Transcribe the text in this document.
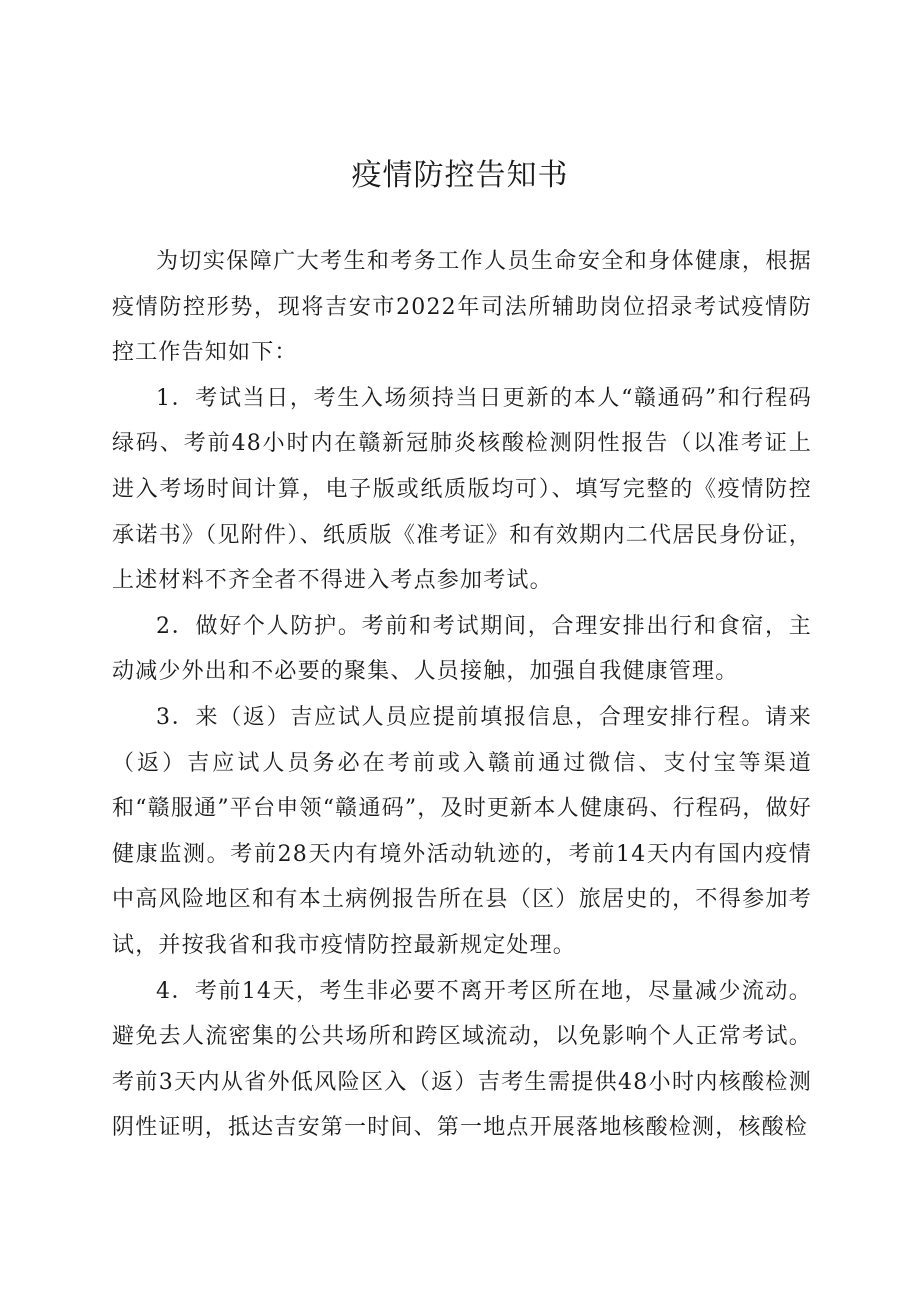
疫情防控告知书

为切实保障广大考生和考务工作人员生命安全和身体健康，根据疫情防控形势，现将吉安市2022年司法所辅助岗位招录考试疫情防控工作告知如下：

1．考试当日，考生入场须持当日更新的本人“赣通码”和行程码绿码、考前48小时内在赣新冠肺炎核酸检测阴性报告（以准考证上进入考场时间计算，电子版或纸质版均可）、填写完整的《疫情防控承诺书》（见附件）、纸质版《准考证》和有效期内二代居民身份证，上述材料不齐全者不得进入考点参加考试。

2．做好个人防护。考前和考试期间，合理安排出行和食宿，主动减少外出和不必要的聚集、人员接触，加强自我健康管理。

3．来（返）吉应试人员应提前填报信息，合理安排行程。请来（返）吉应试人员务必在考前或入赣前通过微信、支付宝等渠道和“赣服通”平台申领“赣通码”，及时更新本人健康码、行程码，做好健康监测。考前28天内有境外活动轨迹的，考前14天内有国内疫情中高风险地区和有本土病例报告所在县（区）旅居史的，不得参加考试，并按我省和我市疫情防控最新规定处理。

4．考前14天，考生非必要不离开考区所在地，尽量减少流动。避免去人流密集的公共场所和跨区域流动，以免影响个人正常考试。考前3天内从省外低风险区入（返）吉考生需提供48小时内核酸检测阴性证明，抵达吉安第一时间、第一地点开展落地核酸检测，核酸检
